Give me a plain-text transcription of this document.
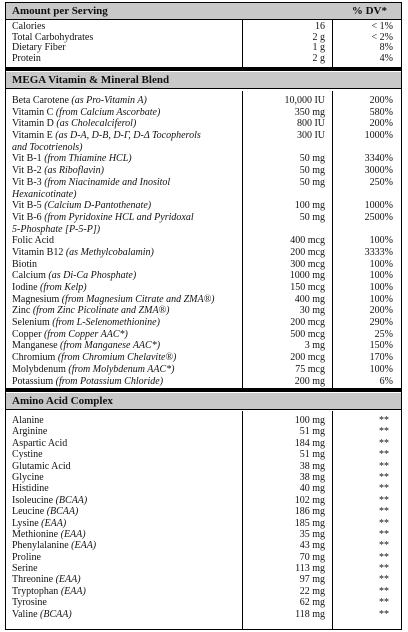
Amount per Serving	% DV*
Calories	16	< 1%
Total Carbohydrates	2 g	< 2%
Dietary Fiber	1 g	8%
Protein	2 g	4%
MEGA Vitamin & Mineral Blend
Beta Carotene (as Pro-Vitamin A)	10,000 IU	200%
Vitamin C (from Calcium Ascorbate)	350 mg	580%
Vitamin D (as Cholecalciferol)	800 IU	200%
Vitamin E (as D-Α, D-Β, D-Γ, D-Δ Tocopherols	300 IU	1000%
and Tocotrienols)
Vit B-1 (from Thiamine HCL)	50 mg	3340%
Vit B-2 (as Riboflavin)	50 mg	3000%
Vit B-3 (from Niacinamide and Inositol	50 mg	250%
Hexanicotinate)
Vit B-5 (Calcium D-Pantothenate)	100 mg	1000%
Vit B-6 (from Pyridoxine HCL and Pyridoxal	50 mg	2500%
5-Phosphate [P-5-P])
Folic Acid	400 mcg	100%
Vitamin B12 (as Methylcobalamin)	200 mcg	3333%
Biotin	300 mcg	100%
Calcium (as Di-Ca Phosphate)	1000 mg	100%
Iodine (from Kelp)	150 mcg	100%
Magnesium (from Magnesium Citrate and ZMA®)	400 mg	100%
Zinc (from Zinc Picolinate and ZMA®)	30 mg	200%
Selenium (from L-Selenomethionine)	200 mcg	290%
Copper (from Copper AAC*)	500 mcg	25%
Manganese (from Manganese AAC*)	3 mg	150%
Chromium (from Chromium Chelavite®)	200 mcg	170%
Molybdenum (from Molybdenum AAC*)	75 mcg	100%
Potassium (from Potassium Chloride)	200 mg	6%
Amino Acid Complex
Alanine	100 mg	**
Arginine	51 mg	**
Aspartic Acid	184 mg	**
Cystine	51 mg	**
Glutamic Acid	38 mg	**
Glycine	38 mg	**
Histidine	40 mg	**
Isoleucine (BCAA)	102 mg	**
Leucine (BCAA)	186 mg	**
Lysine (EAA)	185 mg	**
Methionine (EAA)	35 mg	**
Phenylalanine (EAA)	43 mg	**
Proline	70 mg	**
Serine	113 mg	**
Threonine (EAA)	97 mg	**
Tryptophan (EAA)	22 mg	**
Tyrosine	62 mg	**
Valine (BCAA)	118 mg	**
